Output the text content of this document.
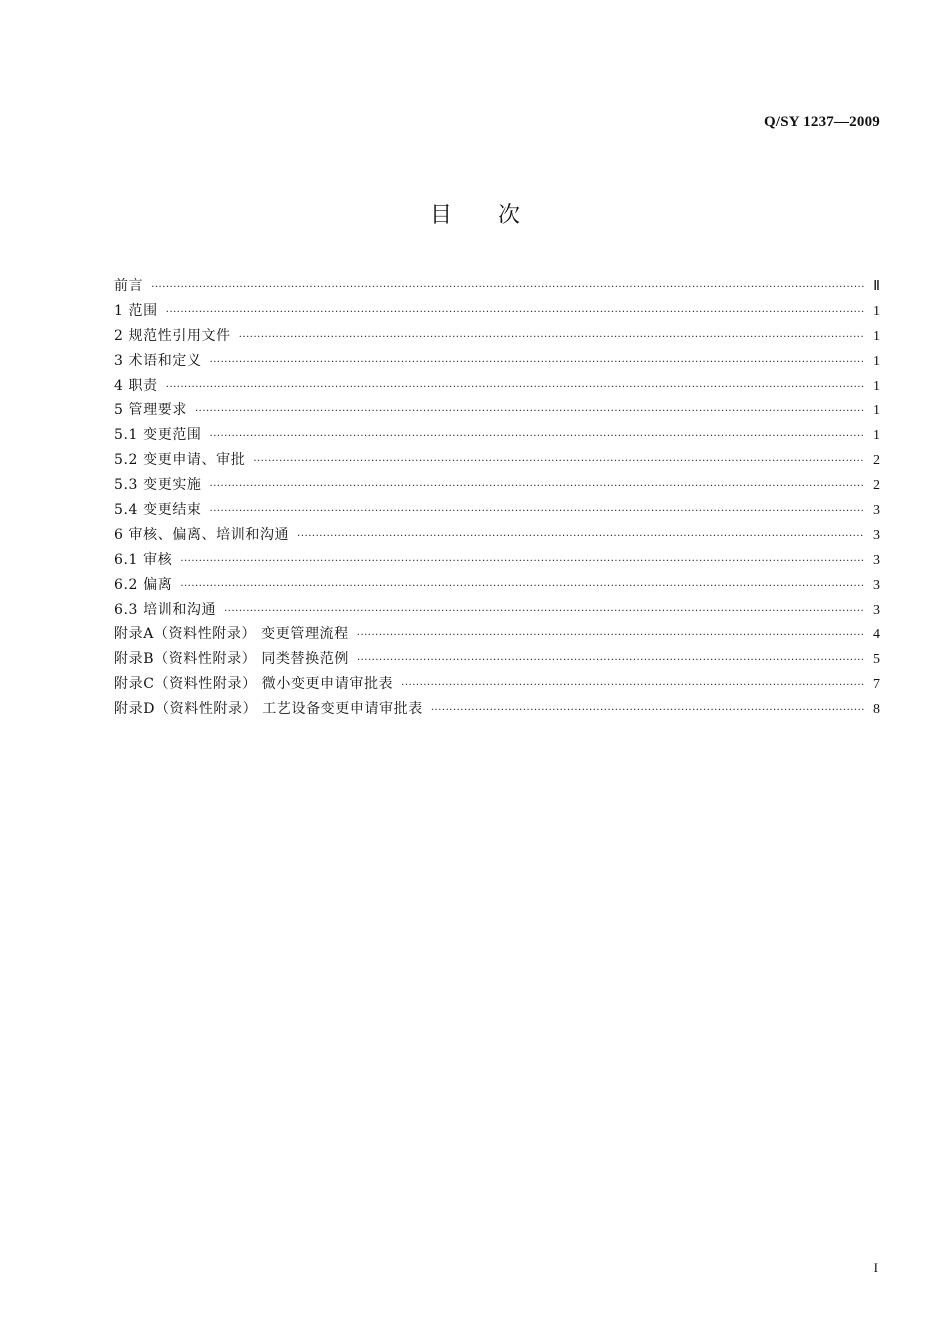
Q/SY 1237—2009
目次
前言 ·····	Ⅱ
1 范围 ·····	1
2 规范性引用文件 ·····	1
3 术语和定义 ·····	1
4 职责 ·····	1
5 管理要求 ·····	1
5.1 变更范围 ·····	1
5.2 变更申请、审批 ·····	2
5.3 变更实施 ·····	2
5.4 变更结束 ·····	3
6 审核、偏离、培训和沟通 ·····	3
6.1 审核 ·····	3
6.2 偏离 ·····	3
6.3 培训和沟通 ·····	3
附录A（资料性附录） 变更管理流程 ·····	4
附录B（资料性附录） 同类替换范例 ·····	5
附录C（资料性附录） 微小变更申请审批表 ·····	7
附录D（资料性附录） 工艺设备变更申请审批表 ·····	8
I
